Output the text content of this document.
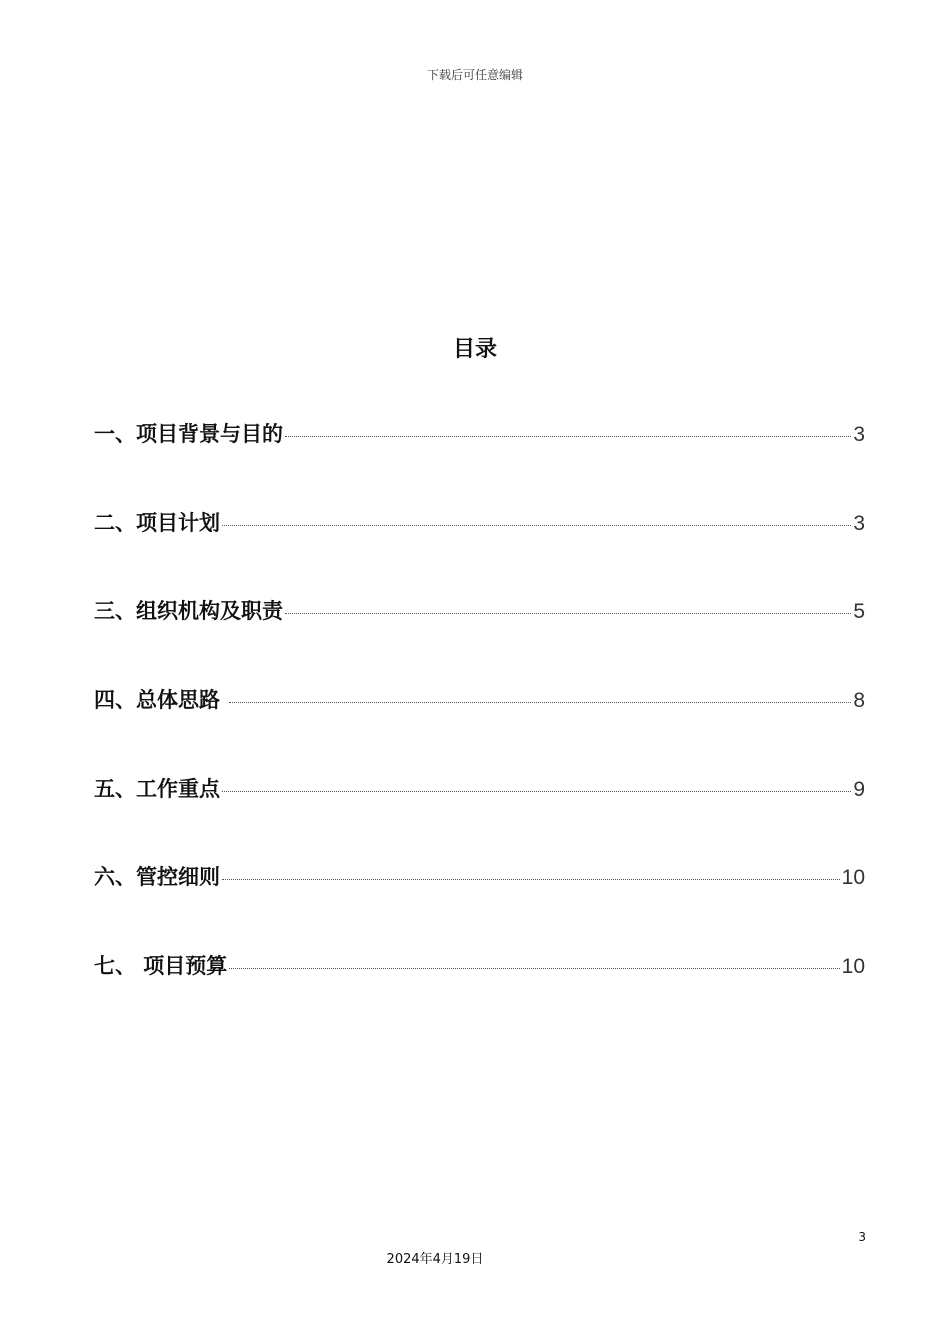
下载后可任意编辑
目录
一、项目背景与目的	3
二、项目计划	3
三、组织机构及职责	5
四、总体思路	8
五、工作重点	9
六、管控细则	10
七、 项目预算	10
3
2024年4月19日
